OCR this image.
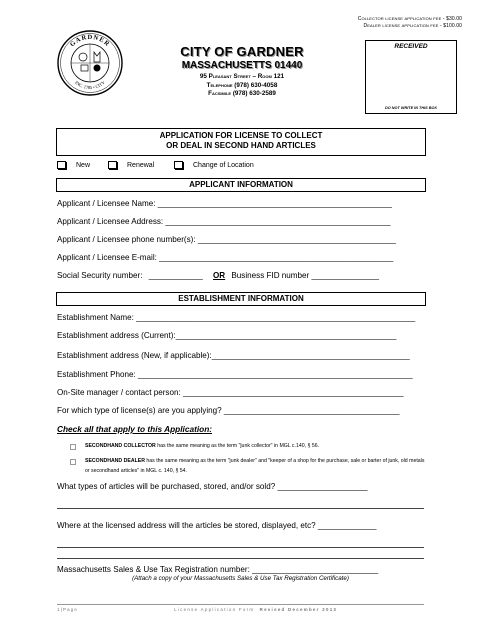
Collector license application fee - $30.00
Dealer license application fee - $100.00
GARDNER
INC. 1785 • CITY
CITY OF GARDNER
MASSACHUSETTS 01440
95 Pleasant Street – Room 121
Telephone (978) 630-4058
Facsimile (978) 630-2589
RECEIVED
DO NOT WRITE IN THIS BOX
APPLICATION FOR LICENSE TO COLLECT
OR DEAL IN SECOND HAND ARTICLES
New	Renewal	Change of Location
APPLICANT INFORMATION
Applicant / Licensee Name: ____________________________________________________
Applicant / Licensee Address: __________________________________________________
Applicant / Licensee phone number(s): ____________________________________________
Applicant / Licensee E-mail: ____________________________________________________
Social Security number: ____________ OR Business FID number _______________
ESTABLISHMENT INFORMATION
Establishment Name: ______________________________________________________________
Establishment address (Current):_________________________________________________
Establishment address (New, if applicable):____________________________________________
Establishment Phone: _____________________________________________________________
On-Site manager / contact person: _________________________________________________
For which type of license(s) are you applying? _______________________________________
Check all that apply to this Application:
SECONDHAND COLLECTOR has the same meaning as the term "junk collector" in MGL c.140, § 56.
SECONDHAND DEALER has the same meaning as the term "junk dealer" and "keeper of a shop for the purchase, sale or barter of junk, old metals or secondhand articles" in MGL c. 140, § 54.
What types of articles will be purchased, stored, and/or sold? ____________________
Where at the licensed address will the articles be stored, displayed, etc? _____________
Massachusetts Sales & Use Tax Registration number: ____________________________
(Attach a copy of your Massachusetts Sales & Use Tax Registration Certificate)
1 | P a g e	License Application Form Revised December 2013
